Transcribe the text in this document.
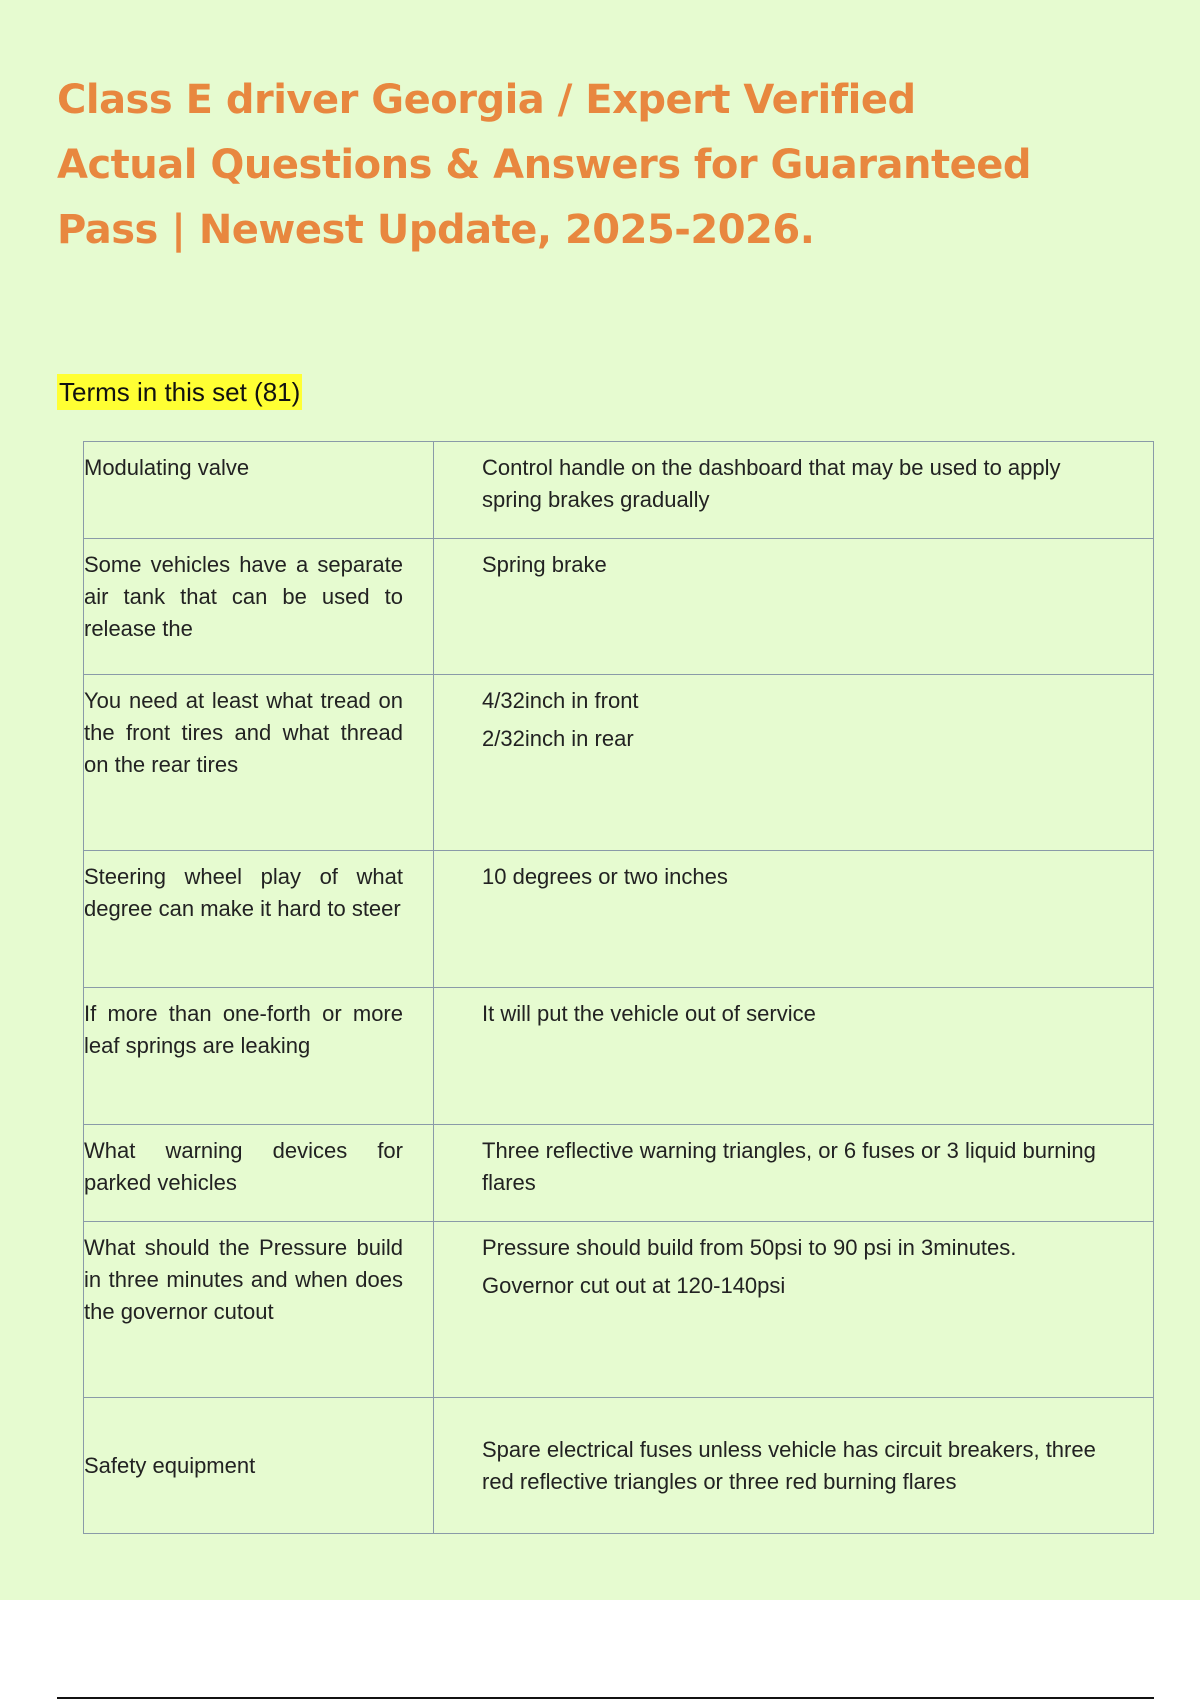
Class E driver Georgia / Expert Verified Actual Questions & Answers for Guaranteed Pass | Newest Update, 2025-2026.
Terms in this set (81)
Modulating valve	Control handle on the dashboard that may be used to apply spring brakes gradually

Some vehicles have a separate air tank that can be used to release the	Spring brake

You need at least what tread on the front tires and what thread on the rear tires	4/32inch in front
2/32inch in rear

Steering wheel play of what degree can make it hard to steer	10 degrees or two inches

If more than one-forth or more leaf springs are leaking	It will put the vehicle out of service

What warning devices for parked vehicles	Three reflective warning triangles, or 6 fuses or 3 liquid burning flares

What should the Pressure build in three minutes and when does the governor cutout	Pressure should build from 50psi to 90 psi in 3minutes.
Governor cut out at 120-140psi

Safety equipment	Spare electrical fuses unless vehicle has circuit breakers, three red reflective triangles or three red burning flares
